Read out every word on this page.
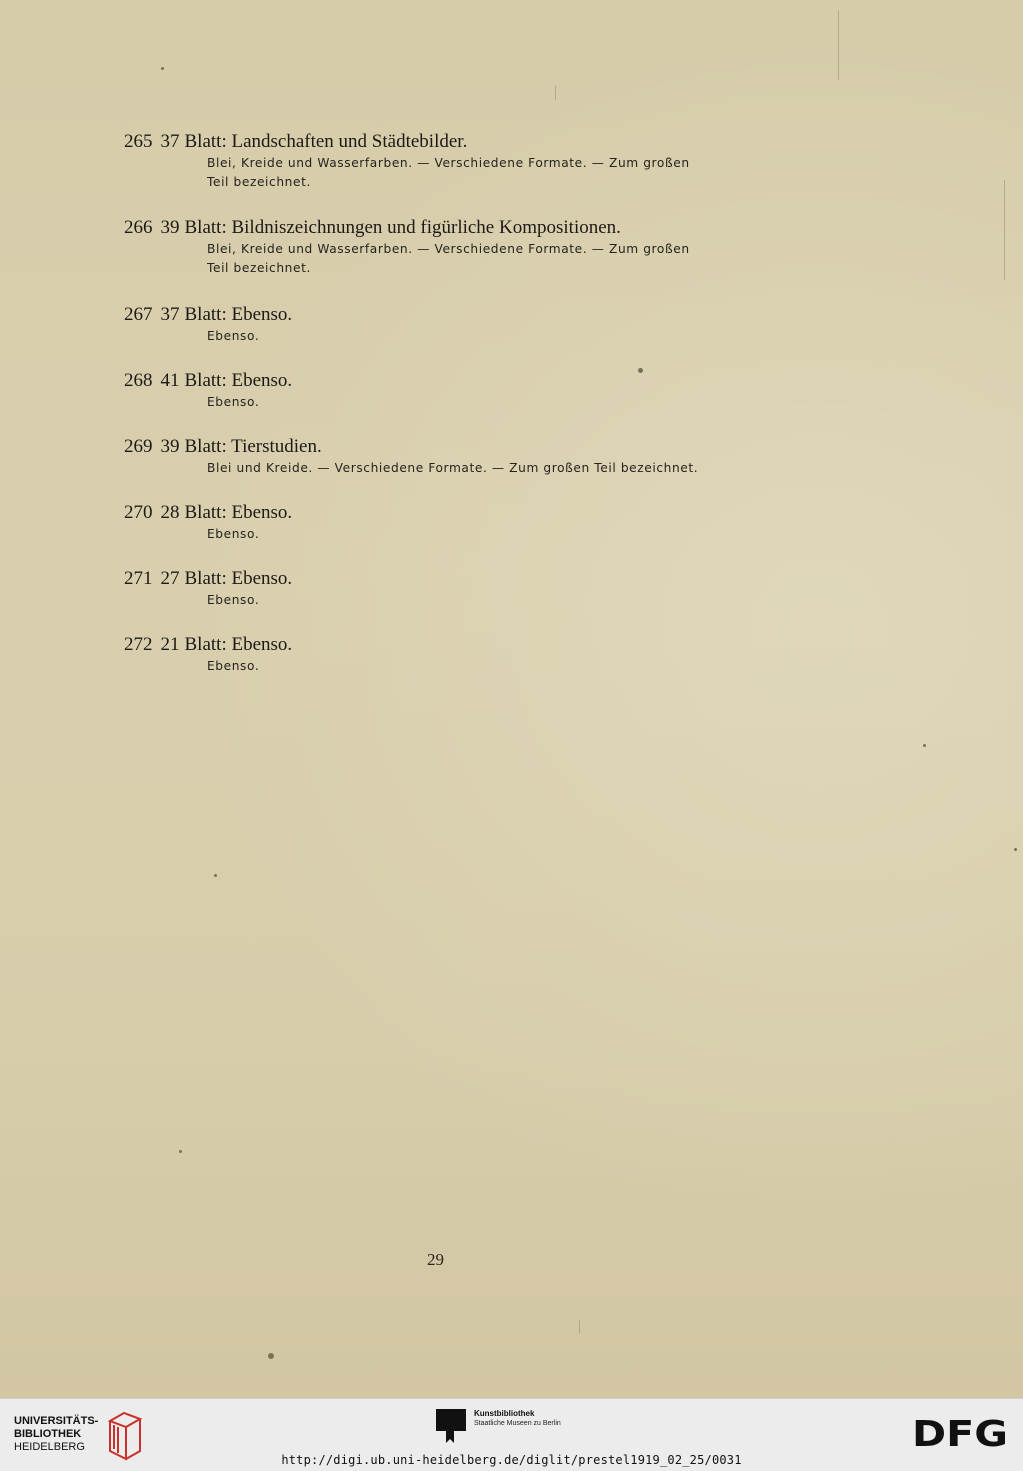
265 37 Blatt: Landschaften und Städtebilder.
Blei, Kreide und Wasserfarben. — Verschiedene Formate. — Zum großen
Teil bezeichnet.
266 39 Blatt: Bildniszeichnungen und figürliche Kompositionen.
Blei, Kreide und Wasserfarben. — Verschiedene Formate. — Zum großen
Teil bezeichnet.
267 37 Blatt: Ebenso.
Ebenso.
268 41 Blatt: Ebenso.
Ebenso.
269 39 Blatt: Tierstudien.
Blei und Kreide. — Verschiedene Formate. — Zum großen Teil bezeichnet.
270 28 Blatt: Ebenso.
Ebenso.
271 27 Blatt: Ebenso.
Ebenso.
272 21 Blatt: Ebenso.
Ebenso.
29
UNIVERSITÄTS-
BIBLIOTHEK
HEIDELBERG
Kunstbibliothek
Staatliche Museen zu Berlin	DFG
http://digi.ub.uni-heidelberg.de/diglit/prestel1919_02_25/0031
